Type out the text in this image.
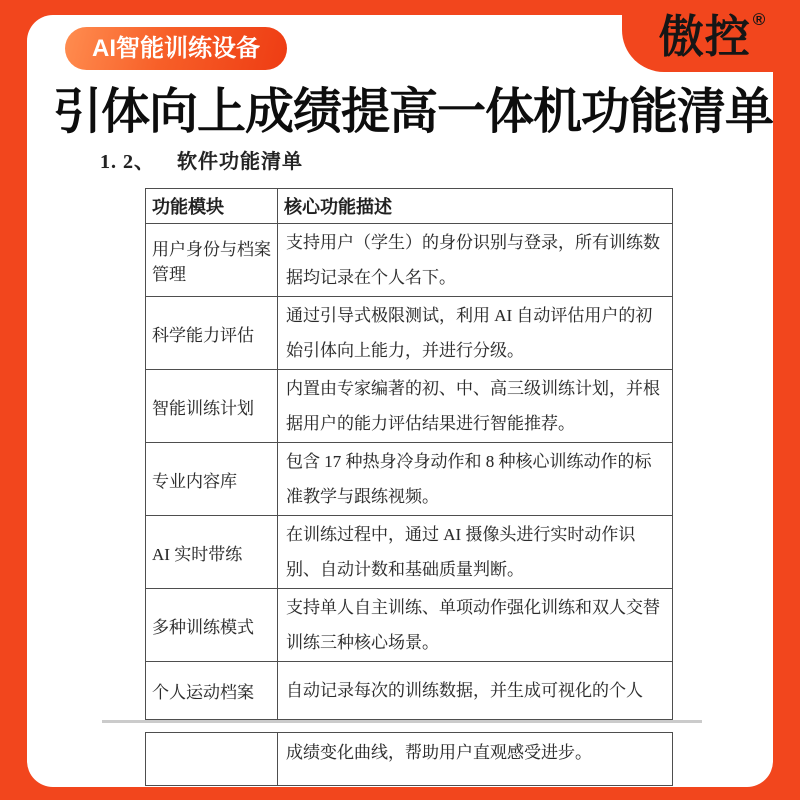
傲控 ®
AI智能训练设备
引体向上成绩提高一体机功能清单
1. 2、 软件功能清单
功能模块	核心功能描述
用户身份与档案管理	支持用户（学生）的身份识别与登录，所有训练数据均记录在个人名下。
科学能力评估	通过引导式极限测试，利用 AI 自动评估用户的初始引体向上能力，并进行分级。
智能训练计划	内置由专家编著的初、中、高三级训练计划，并根据用户的能力评估结果进行智能推荐。
专业内容库	包含 17 种热身冷身动作和 8 种核心训练动作的标准教学与跟练视频。
AI 实时带练	在训练过程中，通过 AI 摄像头进行实时动作识别、自动计数和基础质量判断。
多种训练模式	支持单人自主训练、单项动作强化训练和双人交替训练三种核心场景。
个人运动档案	自动记录每次的训练数据，并生成可视化的个人
	成绩变化曲线，帮助用户直观感受进步。
